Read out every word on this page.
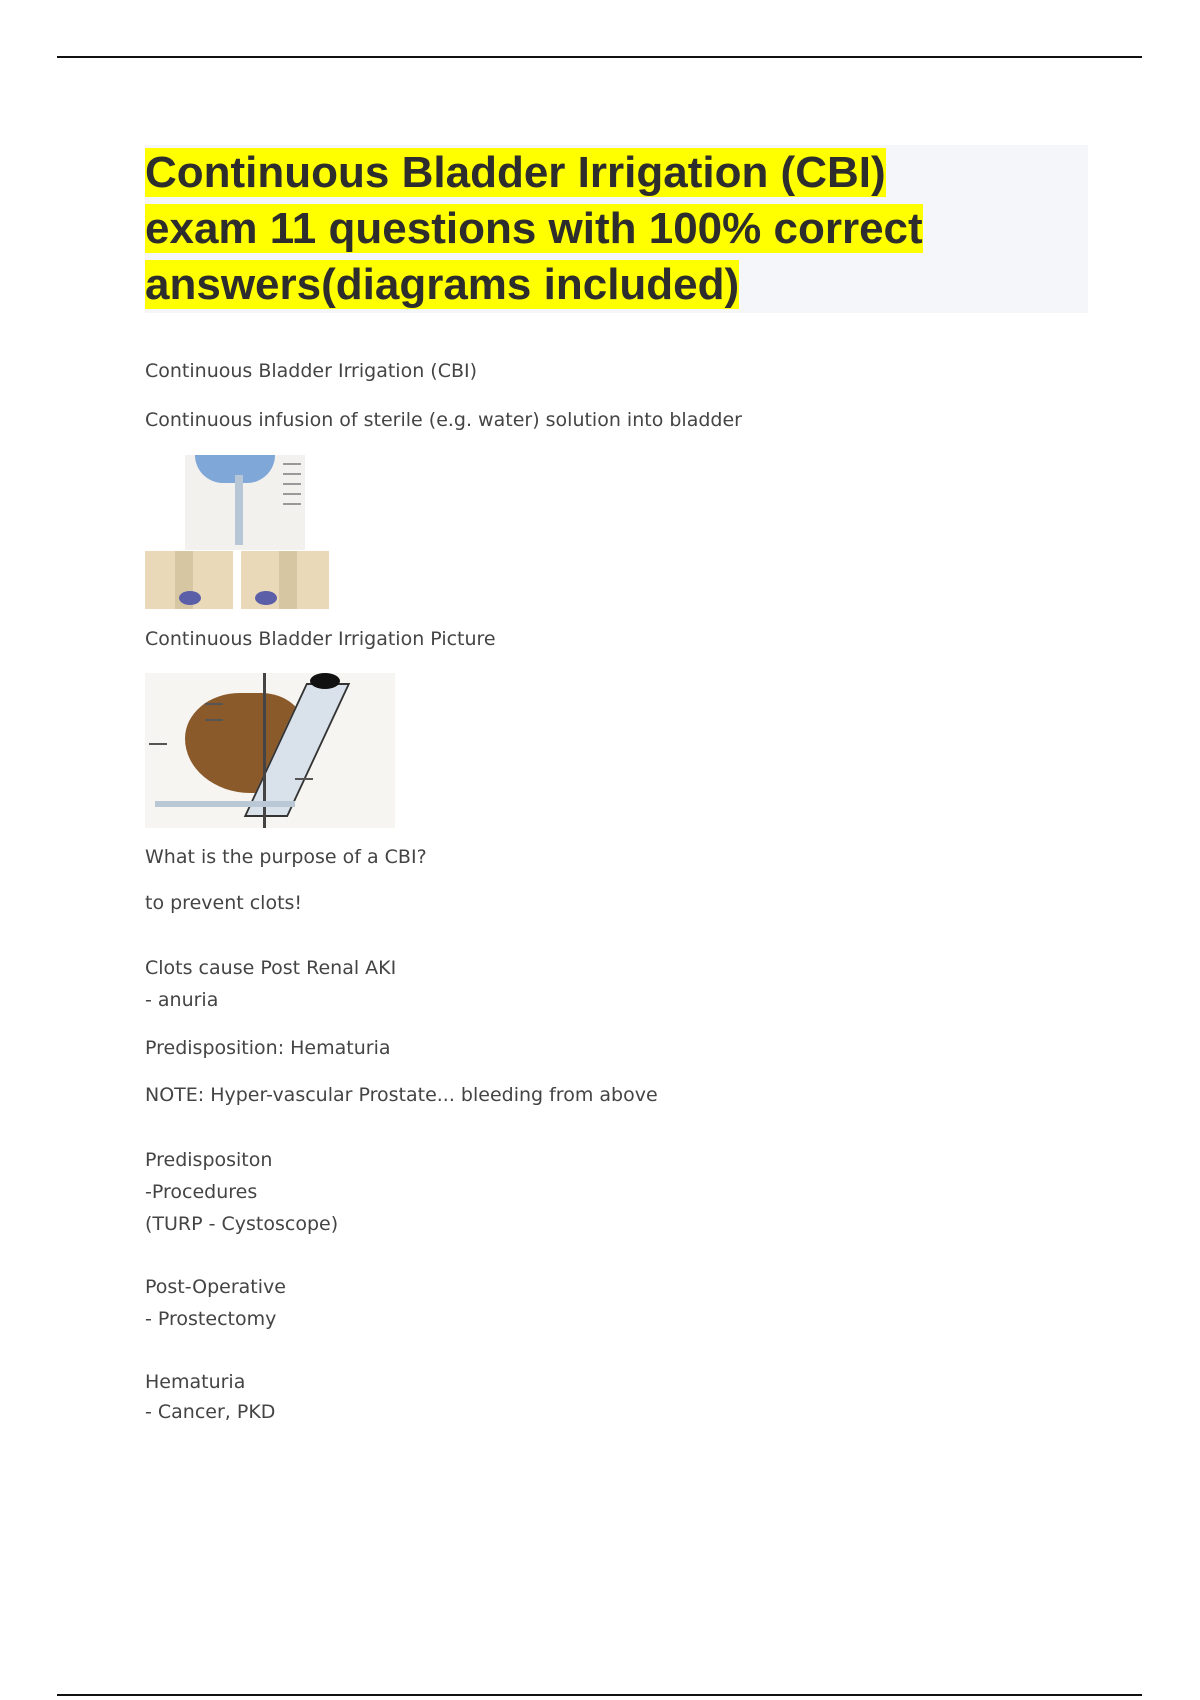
Continuous Bladder Irrigation (CBI)
exam 11 questions with 100% correct
answers(diagrams included)
Continuous Bladder Irrigation (CBI)
Continuous infusion of sterile (e.g. water) solution into bladder
Continuous Bladder Irrigation Picture
What is the purpose of a CBI?
to prevent clots!
Clots cause Post Renal AKI
- anuria
Predisposition: Hematuria
NOTE: Hyper-vascular Prostate... bleeding from above
Predispositon
-Procedures
(TURP - Cystoscope)
Post-Operative
- Prostectomy
Hematuria
- Cancer, PKD
